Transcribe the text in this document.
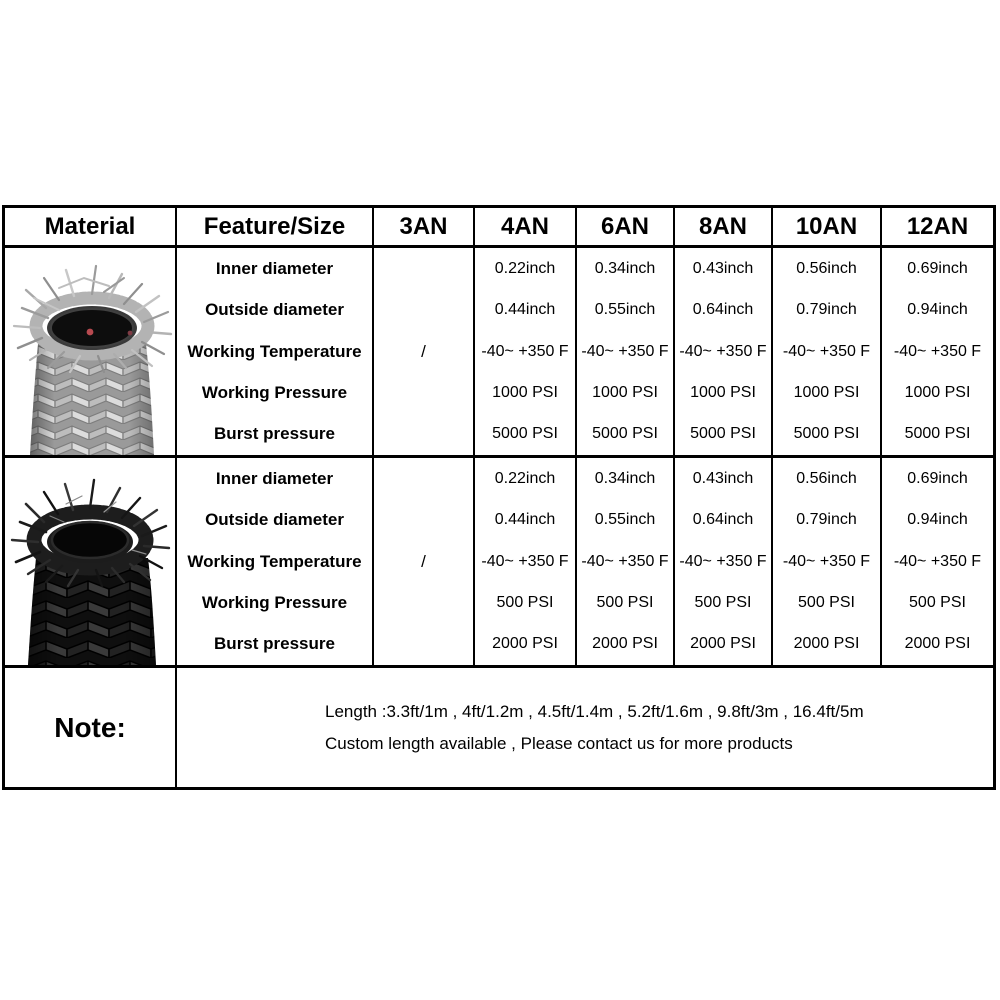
Material	Feature/Size 3AN 4AN 6AN 8AN 10AN 12AN
Inner diameter
Outside diameter
Working Temperature
Working Pressure
Burst pressure
/
0.22inch
0.44inch
-40~ +350 F
1000 PSI
5000 PSI
0.34inch
0.55inch
-40~ +350 F
1000 PSI
5000 PSI
0.43inch
0.64inch
-40~ +350 F
1000 PSI
5000 PSI
0.56inch
0.79inch
-40~ +350 F
1000 PSI
5000 PSI
0.69inch
0.94inch
-40~ +350 F
1000 PSI
5000 PSI
Inner diameter
Outside diameter
Working Temperature
Working Pressure
Burst pressure
/
0.22inch
0.44inch
-40~ +350 F
500 PSI
2000 PSI
0.34inch
0.55inch
-40~ +350 F
500 PSI
2000 PSI
0.43inch
0.64inch
-40~ +350 F
500 PSI
2000 PSI
0.56inch
0.79inch
-40~ +350 F
500 PSI
2000 PSI
0.69inch
0.94inch
-40~ +350 F
500 PSI
2000 PSI
Note:
Length :3.3ft/1m , 4ft/1.2m , 4.5ft/1.4m , 5.2ft/1.6m , 9.8ft/3m , 16.4ft/5m
Custom length available , Please contact us for more products
